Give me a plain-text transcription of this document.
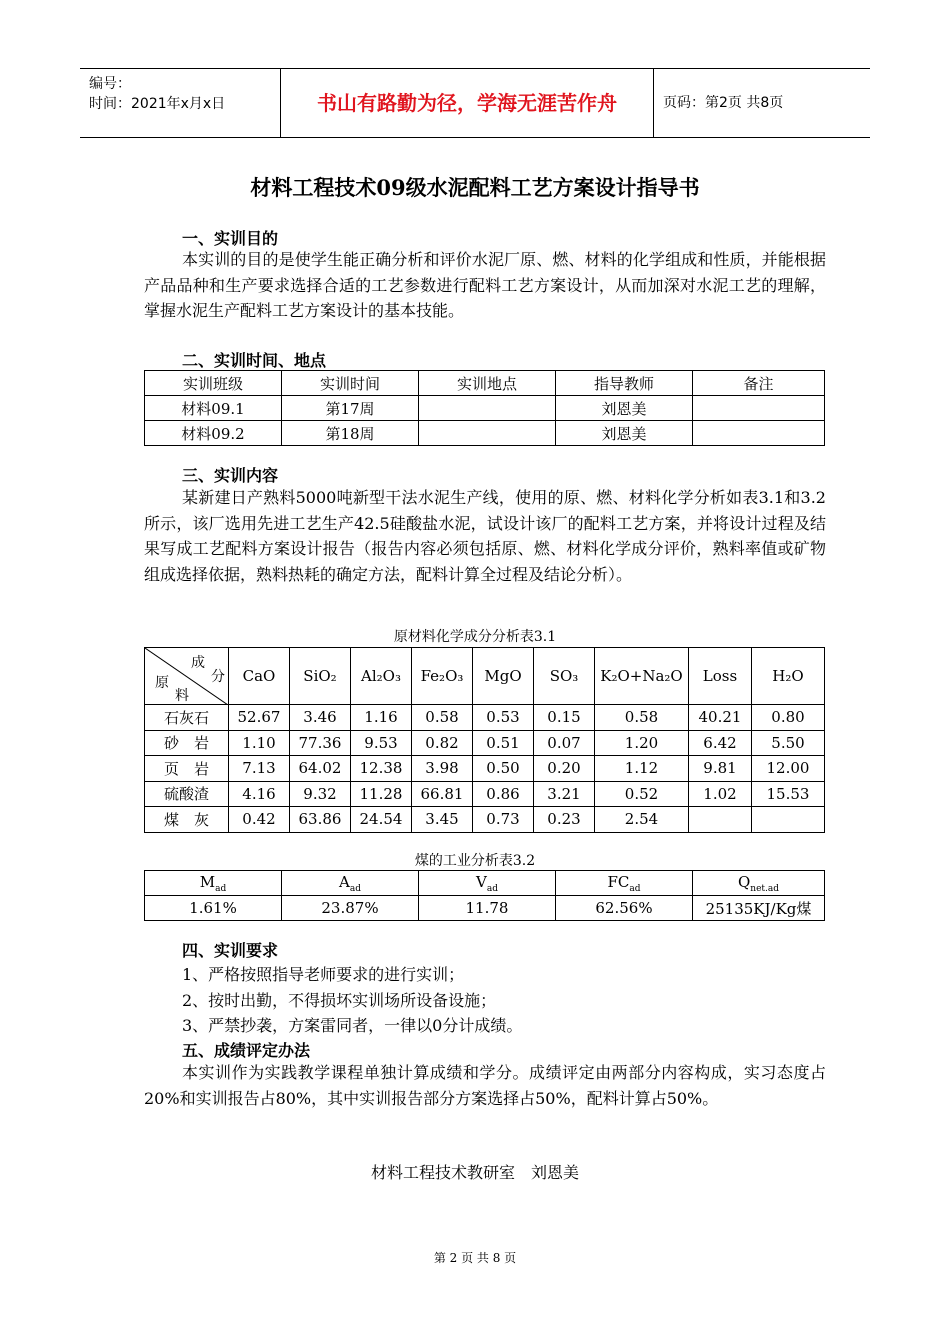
编号：
时间：2021年x月x日	书山有路勤为径，学海无涯苦作舟	页码：第2页 共8页
材料工程技术09级水泥配料工艺方案设计指导书
一、实训目的
本实训的目的是使学生能正确分析和评价水泥厂原、燃、材料的化学组成和性质，并能根据产品品种和生产要求选择合适的工艺参数进行配料工艺方案设计，从而加深对水泥工艺的理解，掌握水泥生产配料工艺方案设计的基本技能。
二、实训时间、地点
实训班级	实训时间	实训地点	指导教师	备注
材料09.1	第17周		刘恩美	
材料09.2	第18周		刘恩美	
三、实训内容
某新建日产熟料5000吨新型干法水泥生产线，使用的原、燃、材料化学分析如表3.1和3.2所示，该厂选用先进工艺生产42.5硅酸盐水泥，试设计该厂的配料工艺方案，并将设计过程及结果写成工艺配料方案设计报告（报告内容必须包括原、燃、材料化学成分评价，熟料率值或矿物组成选择依据，熟料热耗的确定方法，配料计算全过程及结论分析）。
原材料化学成分分析表3.1
成
分
原
料	CaO	SiO₂	Al₂O₃	Fe₂O₃	MgO	SO₃	K₂O+Na₂O	Loss	H₂O
石灰石	52.67	3.46	1.16	0.58	0.53	0.15	0.58	40.21	0.80
砂　岩	1.10	77.36	9.53	0.82	0.51	0.07	1.20	6.42	5.50
页　岩	7.13	64.02	12.38	3.98	0.50	0.20	1.12	9.81	12.00
硫酸渣	4.16	9.32	11.28	66.81	0.86	3.21	0.52	1.02	15.53
煤　灰	0.42	63.86	24.54	3.45	0.73	0.23	2.54		
煤的工业分析表3.2
$M_{ad}$	$A_{ad}$	$V_{ad}$	$FC_{ad}$	$Q_{net.ad}$
1.61%	23.87%	11.78	62.56%	25135KJ/Kg煤
四、实训要求
1、严格按照指导老师要求的进行实训；
2、按时出勤，不得损坏实训场所设备设施；
3、严禁抄袭，方案雷同者，一律以0分计成绩。
五、成绩评定办法
本实训作为实践教学课程单独计算成绩和学分。成绩评定由两部分内容构成，实习态度占20%和实训报告占80%，其中实训报告部分方案选择占50%，配料计算占50%。
材料工程技术教研室　刘恩美
第 2 页 共 8 页
